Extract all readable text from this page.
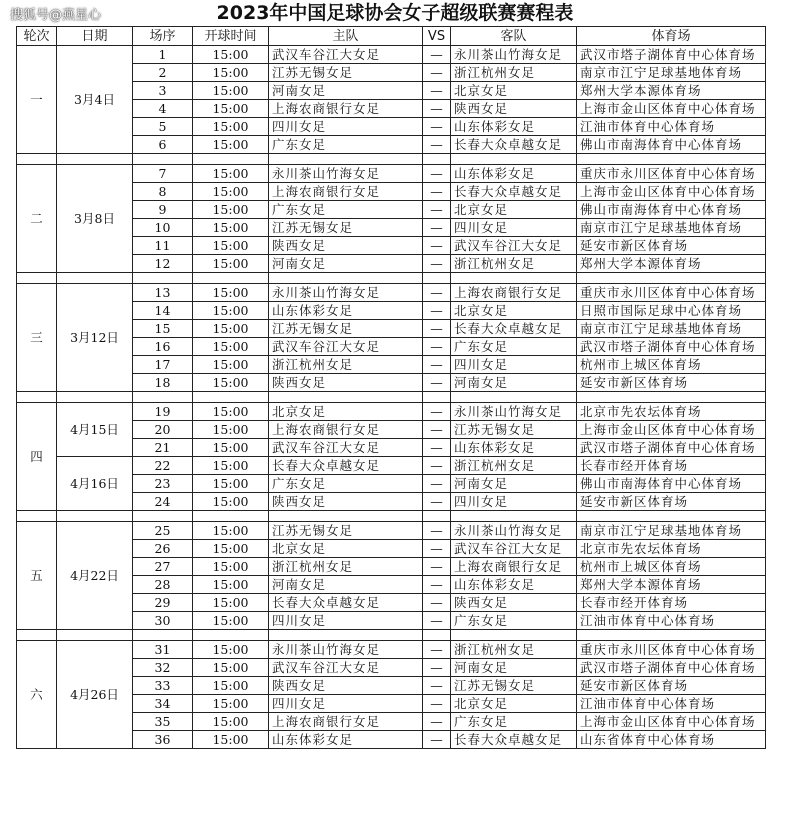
2023年中国足球协会女子超级联赛赛程表
搜狐号@燕星心
轮次	日期	场序	开球时间	主队	VS	客队	体育场
一	3月4日	1	15:00	武汉车谷江大女足	—	永川茶山竹海女足	武汉市塔子湖体育中心体育场
		2	15:00	江苏无锡女足	—	浙江杭州女足	南京市江宁足球基地体育场
		3	15:00	河南女足	—	北京女足	郑州大学本源体育场
		4	15:00	上海农商银行女足	—	陕西女足	上海市金山区体育中心体育场
		5	15:00	四川女足	—	山东体彩女足	江油市体育中心体育场
		6	15:00	广东女足	—	长春大众卓越女足	佛山市南海体育中心体育场

二	3月8日	7	15:00	永川茶山竹海女足	—	山东体彩女足	重庆市永川区体育中心体育场
		8	15:00	上海农商银行女足	—	长春大众卓越女足	上海市金山区体育中心体育场
		9	15:00	广东女足	—	北京女足	佛山市南海体育中心体育场
		10	15:00	江苏无锡女足	—	四川女足	南京市江宁足球基地体育场
		11	15:00	陕西女足	—	武汉车谷江大女足	延安市新区体育场
		12	15:00	河南女足	—	浙江杭州女足	郑州大学本源体育场

三	3月12日	13	15:00	永川茶山竹海女足	—	上海农商银行女足	重庆市永川区体育中心体育场
		14	15:00	山东体彩女足	—	北京女足	日照市国际足球中心体育场
		15	15:00	江苏无锡女足	—	长春大众卓越女足	南京市江宁足球基地体育场
		16	15:00	武汉车谷江大女足	—	广东女足	武汉市塔子湖体育中心体育场
		17	15:00	浙江杭州女足	—	四川女足	杭州市上城区体育场
		18	15:00	陕西女足	—	河南女足	延安市新区体育场

四	4月15日	19	15:00	北京女足	—	永川茶山竹海女足	北京市先农坛体育场
		20	15:00	上海农商银行女足	—	江苏无锡女足	上海市金山区体育中心体育场
		21	15:00	武汉车谷江大女足	—	山东体彩女足	武汉市塔子湖体育中心体育场
	4月16日	22	15:00	长春大众卓越女足	—	浙江杭州女足	长春市经开体育场
		23	15:00	广东女足	—	河南女足	佛山市南海体育中心体育场
		24	15:00	陕西女足	—	四川女足	延安市新区体育场

五	4月22日	25	15:00	江苏无锡女足	—	永川茶山竹海女足	南京市江宁足球基地体育场
		26	15:00	北京女足	—	武汉车谷江大女足	北京市先农坛体育场
		27	15:00	浙江杭州女足	—	上海农商银行女足	杭州市上城区体育场
		28	15:00	河南女足	—	山东体彩女足	郑州大学本源体育场
		29	15:00	长春大众卓越女足	—	陕西女足	长春市经开体育场
		30	15:00	四川女足	—	广东女足	江油市体育中心体育场

六	4月26日	31	15:00	永川茶山竹海女足	—	浙江杭州女足	重庆市永川区体育中心体育场
		32	15:00	武汉车谷江大女足	—	河南女足	武汉市塔子湖体育中心体育场
		33	15:00	陕西女足	—	江苏无锡女足	延安市新区体育场
		34	15:00	四川女足	—	北京女足	江油市体育中心体育场
		35	15:00	上海农商银行女足	—	广东女足	上海市金山区体育中心体育场
		36	15:00	山东体彩女足	—	长春大众卓越女足	山东省体育中心体育场
